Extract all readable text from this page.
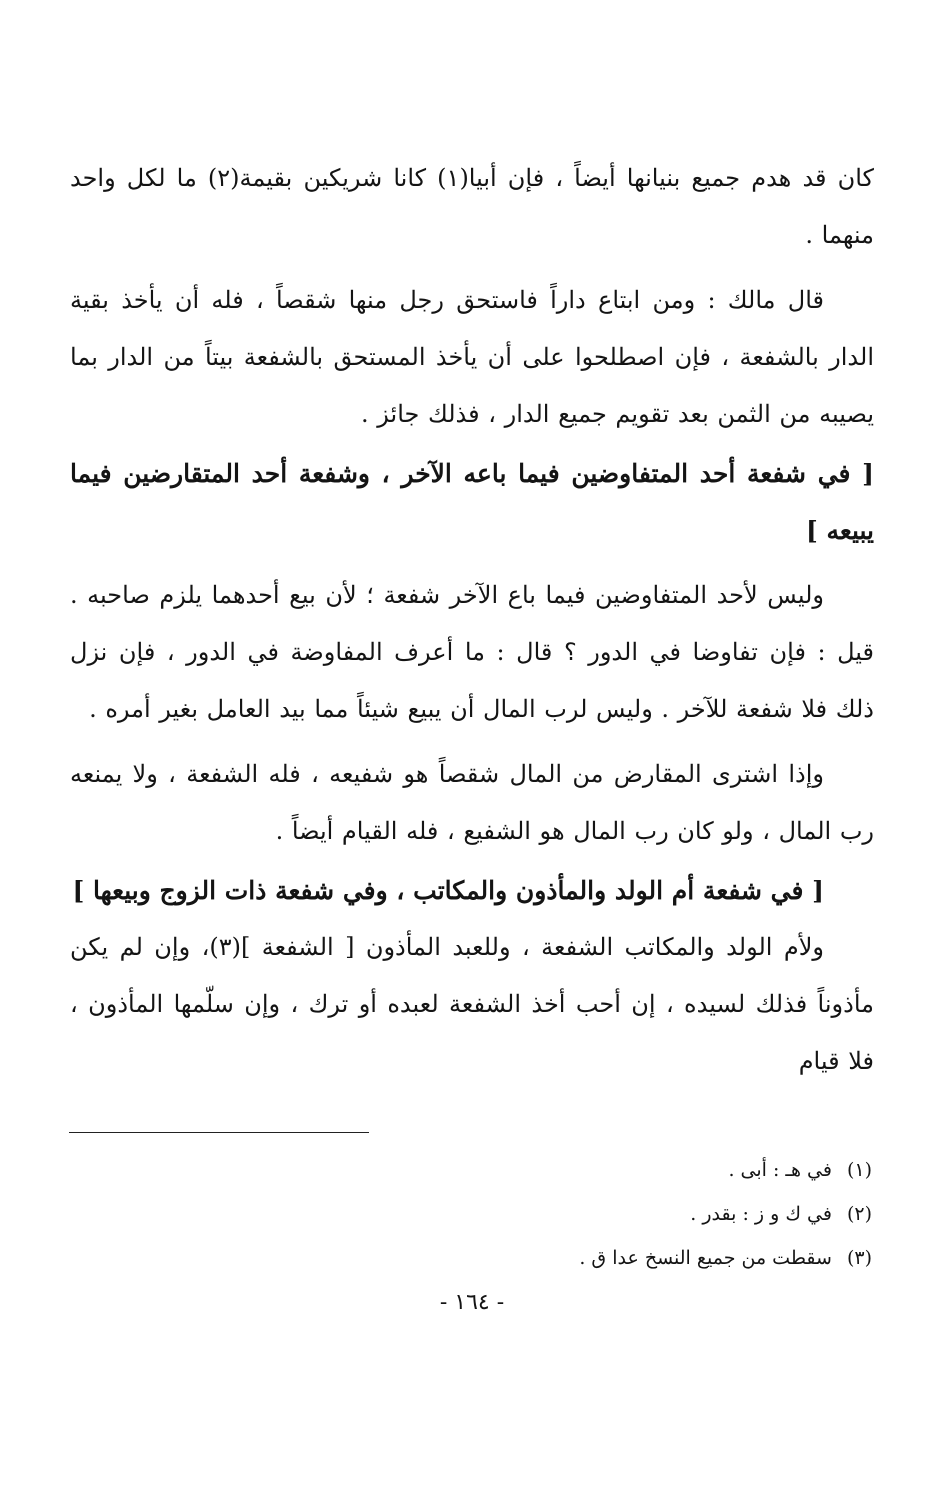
كان قد هدم جميع بنيانها أيضاً ، فإن أبيا(١) كانا شريكين بقيمة(٢) ما لكل واحد منهما .

قال مالك : ومن ابتاع داراً فاستحق رجل منها شقصاً ، فله أن يأخذ بقية الدار بالشفعة ، فإن اصطلحوا على أن يأخذ المستحق بالشفعة بيتاً من الدار بما يصيبه من الثمن بعد تقويم جميع الدار ، فذلك جائز .

[ في شفعة أحد المتفاوضين فيما باعه الآخر ، وشفعة أحد المتقارضين فيما يبيعه ]

وليس لأحد المتفاوضين فيما باع الآخر شفعة ؛ لأن بيع أحدهما يلزم صاحبه . قيل : فإن تفاوضا في الدور ؟ قال : ما أعرف المفاوضة في الدور ، فإن نزل ذلك فلا شفعة للآخر . وليس لرب المال أن يبيع شيئاً مما بيد العامل بغير أمره .

وإذا اشترى المقارض من المال شقصاً هو شفيعه ، فله الشفعة ، ولا يمنعه رب المال ، ولو كان رب المال هو الشفيع ، فله القيام أيضاً .

[ في شفعة أم الولد والمأذون والمكاتب ، وفي شفعة ذات الزوج وبيعها ]

ولأم الولد والمكاتب الشفعة ، وللعبد المأذون [ الشفعة ](٣)، وإن لم يكن مأذوناً فذلك لسيده ، إن أحب أخذ الشفعة لعبده أو ترك ، وإن سلّمها المأذون ، فلا قيام

(١) في هـ : أبى .
(٢) في ك و ز : بقدر .
(٣) سقطت من جميع النسخ عدا ق .
- ١٦٤ -
